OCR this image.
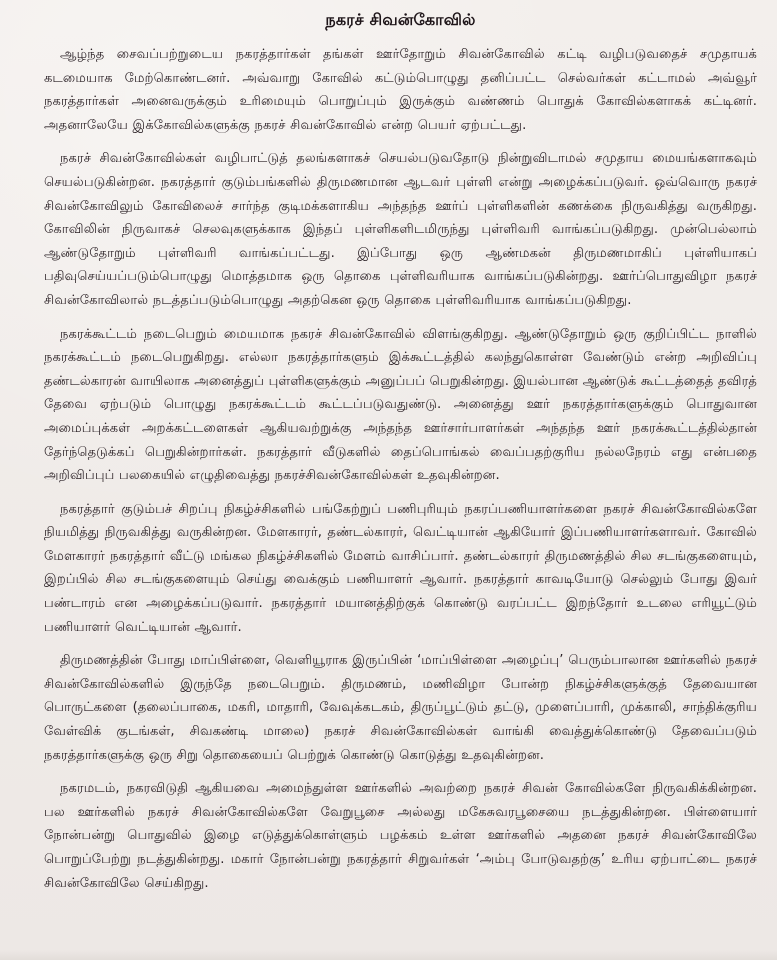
நகரச் சிவன்கோவில்

ஆழ்ந்த சைவப்பற்றுடைய நகரத்தார்கள் தங்கள் ஊர்தோறும் சிவன்கோவில் கட்டி வழிபடுவதைச் சமுதாயக் கடமையாக மேற்கொண்டனர். அவ்வாறு கோவில் கட்டும்பொழுது தனிப்பட்ட செல்வர்கள் கட்டாமல் அவ்வூர் நகரத்தார்கள் அனைவருக்கும் உரிமையும் பொறுப்பும் இருக்கும் வண்ணம் பொதுக் கோவில்களாகக் கட்டினர். அதனாலேயே இக்கோவில்களுக்கு நகரச் சிவன்கோவில் என்ற பெயர் ஏற்பட்டது.

நகரச் சிவன்கோவில்கள் வழிபாட்டுத் தலங்களாகச் செயல்படுவதோடு நின்றுவிடாமல் சமுதாய மையங்களாகவும் செயல்படுகின்றன. நகரத்தார் குடும்பங்களில் திருமணமான ஆடவர் புள்ளி என்று அழைக்கப்படுவர். ஒவ்வொரு நகரச் சிவன்கோவிலும் கோவிலைச் சார்ந்த குடிமக்களாகிய அந்தந்த ஊர்ப் புள்ளிகளின் கணக்கை நிருவகித்து வருகிறது. கோவிலின் நிருவாகச் செலவுகளுக்காக இந்தப் புள்ளிகளிடமிருந்து புள்ளிவரி வாங்கப்படுகிறது. முன்பெல்லாம் ஆண்டுதோறும் புள்ளிவரி வாங்கப்பட்டது. இப்போது ஒரு ஆண்மகன் திருமணமாகிப் புள்ளியாகப் பதிவுசெய்யப்படும்பொழுது மொத்தமாக ஒரு தொகை புள்ளிவரியாக வாங்கப்படுகின்றது. ஊர்ப்பொதுவிழா நகரச் சிவன்கோவிலால் நடத்தப்படும்பொழுது அதற்கென ஒரு தொகை புள்ளிவரியாக வாங்கப்படுகிறது.

நகரக்கூட்டம் நடைபெறும் மையமாக நகரச் சிவன்கோவில் விளங்குகிறது. ஆண்டுதோறும் ஒரு குறிப்பிட்ட நாளில் நகரக்கூட்டம் நடைபெறுகிறது. எல்லா நகரத்தார்களும் இக்கூட்டத்தில் கலந்துகொள்ள வேண்டும் என்ற அறிவிப்பு தண்டல்காரன் வாயிலாக அனைத்துப் புள்ளிகளுக்கும் அனுப்பப் பெறுகின்றது. இயல்பான ஆண்டுக் கூட்டத்தைத் தவிரத் தேவை ஏற்படும் பொழுது நகரக்கூட்டம் கூட்டப்படுவதுண்டு. அனைத்து ஊர் நகரத்தார்களுக்கும் பொதுவான அமைப்புக்கள் அறக்கட்டளைகள் ஆகியவற்றுக்கு அந்தந்த ஊர்சார்பாளர்கள் அந்தந்த ஊர் நகரக்கூட்டத்தில்தான் தேர்ந்தெடுக்கப் பெறுகின்றார்கள். நகரத்தார் வீடுகளில் தைப்பொங்கல் வைப்பதற்குரிய நல்லநேரம் எது என்பதை அறிவிப்புப் பலகையில் எழுதிவைத்து நகரச்சிவன்கோவில்கள் உதவுகின்றன.

நகரத்தார் குடும்பச் சிறப்பு நிகழ்ச்சிகளில் பங்கேற்றுப் பணிபுரியும் நகரப்பணியாளர்களை நகரச் சிவன்கோவில்களே நியமித்து நிருவகித்து வருகின்றன. மேளகாரர், தண்டல்காரர், வெட்டியான் ஆகியோர் இப்பணியாளர்களாவர். கோவில் மேளகாரர் நகரத்தார் வீட்டு மங்கல நிகழ்ச்சிகளில் மேளம் வாசிப்பார். தண்டல்காரர் திருமணத்தில் சில சடங்குகளையும், இறப்பில் சில சடங்குகளையும் செய்து வைக்கும் பணியாளர் ஆவார். நகரத்தார் காவடியோடு செல்லும் போது இவர் பண்டாரம் என அழைக்கப்படுவார். நகரத்தார் மயானத்திற்குக் கொண்டு வரப்பட்ட இறந்தோர் உடலை எரியூட்டும் பணியாளர் வெட்டியான் ஆவார்.

திருமணத்தின் போது மாப்பிள்ளை, வெளியூராக இருப்பின் ‘மாப்பிள்ளை அழைப்பு’ பெரும்பாலான ஊர்களில் நகரச் சிவன்கோவில்களில் இருந்தே நடைபெறும். திருமணம், மணிவிழா போன்ற நிகழ்ச்சிகளுக்குத் தேவையான பொருட்களை (தலைப்பாகை, மகரி, மாதாரி, வேவுக்கடகம், திருப்பூட்டும் தட்டு, முளைப்பாரி, முக்காலி, சாந்திக்குரிய வேள்விக் குடங்கள், சிவகண்டி மாலை) நகரச் சிவன்கோவில்கள் வாங்கி வைத்துக்கொண்டு தேவைப்படும் நகரத்தார்களுக்கு ஒரு சிறு தொகையைப் பெற்றுக் கொண்டு கொடுத்து உதவுகின்றன.

நகரமடம், நகரவிடுதி ஆகியவை அமைந்துள்ள ஊர்களில் அவற்றை நகரச் சிவன் கோவில்களே நிருவகிக்கின்றன. பல ஊர்களில் நகரச் சிவன்கோவில்களே வேறுபூசை அல்லது மகேசுவரபூசையை நடத்துகின்றன. பிள்ளையார் நோன்பன்று பொதுவில் இழை எடுத்துக்கொள்ளும் பழக்கம் உள்ள ஊர்களில் அதனை நகரச் சிவன்கோவிலே பொறுப்பேற்று நடத்துகின்றது. மகார் நோன்பன்று நகரத்தார் சிறுவர்கள் ‘அம்பு போடுவதற்கு’ உரிய ஏற்பாட்டை நகரச் சிவன்கோவிலே செய்கிறது.
